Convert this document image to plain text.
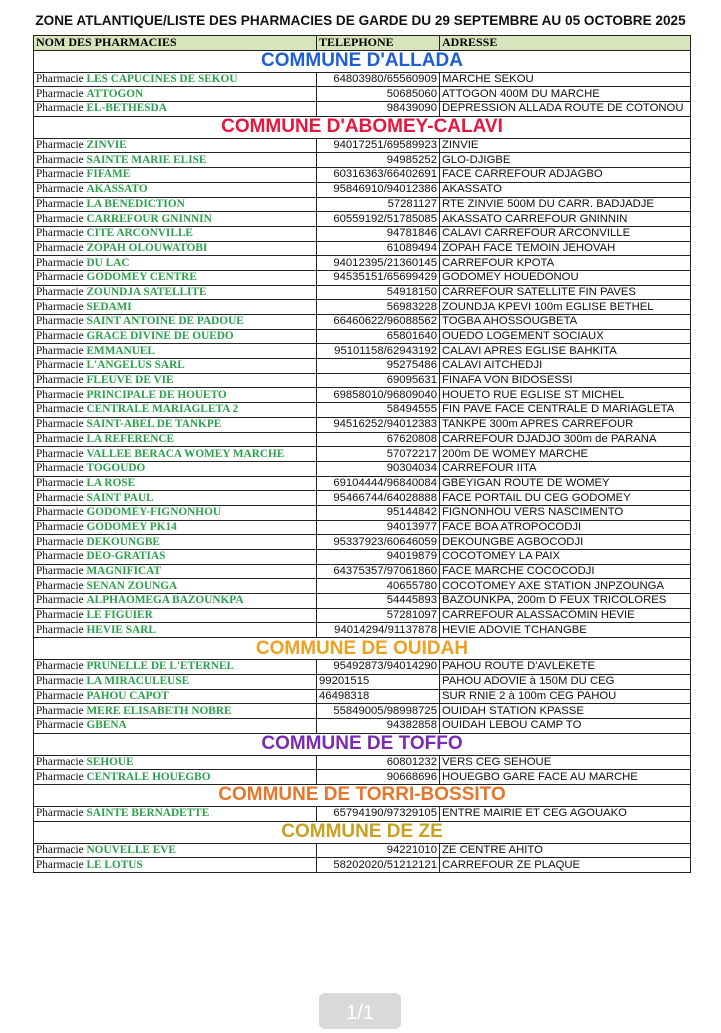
ZONE ATLANTIQUE/LISTE DES PHARMACIES DE GARDE DU 29 SEPTEMBRE AU 05 OCTOBRE 2025
NOM DES PHARMACIES	TELEPHONE	ADRESSE
COMMUNE D'ALLADA		
Pharmacie LES CAPUCINES DE SEKOU	64803980/65560909	MARCHE SEKOU
Pharmacie ATTOGON	50685060	ATTOGON 400M DU MARCHE
Pharmacie EL-BETHESDA	98439090	DEPRESSION ALLADA ROUTE DE COTONOU
COMMUNE D'ABOMEY-CALAVI		
Pharmacie ZINVIE	94017251/69589923	ZINVIE
Pharmacie SAINTE MARIE ELISE	94985252	GLO-DJIGBE
Pharmacie FIFAME	60316363/66402691	FACE CARREFOUR ADJAGBO
Pharmacie AKASSATO	95846910/94012386	AKASSATO
Pharmacie LA BENEDICTION	57281127	RTE ZINVIE 500M DU CARR. BADJADJE
Pharmacie CARREFOUR GNINNIN	60559192/51785085	AKASSATO CARREFOUR GNINNIN
Pharmacie CITE ARCONVILLE	94781846	CALAVI CARREFOUR ARCONVILLE
Pharmacie ZOPAH OLOUWATOBI	61089494	ZOPAH FACE TEMOIN JEHOVAH
Pharmacie DU LAC	94012395/21360145	CARREFOUR KPOTA
Pharmacie GODOMEY CENTRE	94535151/65699429	GODOMEY HOUEDONOU
Pharmacie ZOUNDJA SATELLITE	54918150	CARREFOUR SATELLITE FIN PAVES
Pharmacie SEDAMI	56983228	ZOUNDJA KPEVI 100m EGLISE BETHEL
Pharmacie SAINT ANTOINE DE PADOUE	66460622/96088562	TOGBA AHOSSOUGBETA
Pharmacie GRACE DIVINE DE OUEDO	65801640	OUEDO LOGEMENT SOCIAUX
Pharmacie EMMANUEL	95101158/62943192	CALAVI APRES EGLISE BAHKITA
Pharmacie L'ANGELUS SARL	95275486	CALAVI AITCHEDJI
Pharmacie FLEUVE DE VIE	69095631	FINAFA VON BIDOSESSI
Pharmacie PRINCIPALE DE HOUETO	69858010/96809040	HOUETO RUE EGLISE ST MICHEL
Pharmacie CENTRALE MARIAGLETA 2	58494555	FIN PAVE FACE CENTRALE D MARIAGLETA
Pharmacie SAINT-ABEL DE TANKPE	94516252/94012383	TANKPE 300m APRES CARREFOUR
Pharmacie LA REFERENCE	67620808	CARREFOUR DJADJO 300m de PARANA
Pharmacie VALLEE BERACA WOMEY MARCHE	57072217	200m DE WOMEY MARCHE
Pharmacie TOGOUDO	90304034	CARREFOUR IITA
Pharmacie LA ROSE	69104444/96840084	GBEYIGAN ROUTE DE WOMEY
Pharmacie SAINT PAUL	95466744/64028888	FACE PORTAIL DU CEG GODOMEY
Pharmacie GODOMEY-FIGNONHOU	95144842	FIGNONHOU VERS NASCIMENTO
Pharmacie GODOMEY PK14	94013977	FACE BOA ATROPOCODJI
Pharmacie DEKOUNGBE	95337923/60646059	DEKOUNGBE AGBOCODJI
Pharmacie DEO-GRATIAS	94019879	COCOTOMEY LA PAIX
Pharmacie MAGNIFICAT	64375357/97061860	FACE MARCHE COCOCODJI
Pharmacie SENAN ZOUNGA	40655780	COCOTOMEY AXE STATION JNPZOUNGA
Pharmacie ALPHAOMEGA BAZOUNKPA	54445893	BAZOUNKPA, 200m D FEUX TRICOLORES
Pharmacie LE FIGUIER	57281097	CARREFOUR ALASSACÔMIN HEVIE
Pharmacie HEVIE SARL	94014294/91137878	HEVIE ADOVIE TCHANGBE
COMMUNE DE OUIDAH		
Pharmacie PRUNELLE DE L'ETERNEL	95492873/94014290	PAHOU ROUTE D'AVLEKETE
Pharmacie LA MIRACULEUSE	99201515	PAHOU ADOVIE à 150M DU CEG
Pharmacie PAHOU CAPOT	46498318	SUR RNIE 2 à 100m CEG PAHOU
Pharmacie MERE ELISABETH NOBRE	55849005/98998725	OUIDAH STATION KPASSE
Pharmacie GBENA	94382858	OUIDAH LEBOU CAMP TO
COMMUNE DE TOFFO		
Pharmacie SEHOUE	60801232	VERS CEG SEHOUE
Pharmacie CENTRALE HOUEGBO	90668696	HOUEGBO GARE FACE AU MARCHE
COMMUNE DE TORRI-BOSSITO		
Pharmacie SAINTE BERNADETTE	65794190/97329105	ENTRE MAIRIE ET CEG AGOUAKO
COMMUNE DE ZE		
Pharmacie NOUVELLE EVE	94221010	ZE CENTRE AHITO
Pharmacie LE LOTUS	58202020/51212121	CARREFOUR ZE PLAQUE
1/1
